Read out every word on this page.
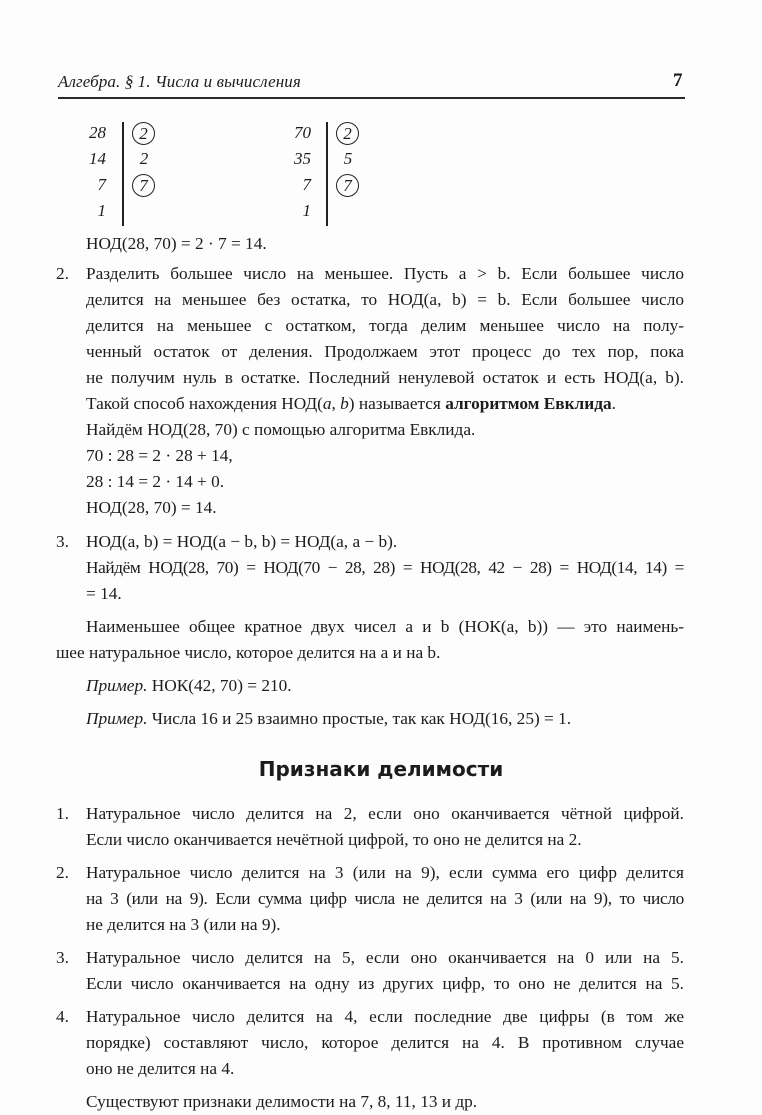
Алгебра. § 1. Числа и вычисления	7
28	2
14	2
7	7
1
70	2
35	5
7	7
1
НОД(28, 70) = 2 · 7 = 14.
2. Разделить большее число на меньшее. Пусть a > b. Если большее число
делится на меньшее без остатка, то НОД(a, b) = b. Если большее число
делится на меньшее с остатком, тогда делим меньшее число на полу-
ченный остаток от деления. Продолжаем этот процесс до тех пор, пока
не получим нуль в остатке. Последний ненулевой остаток и есть НОД(a, b).
Такой способ нахождения НОД(a, b) называется алгоритмом Евклида.
Найдём НОД(28, 70) с помощью алгоритма Евклида.
70 : 28 = 2 · 28 + 14,
28 : 14 = 2 · 14 + 0.
НОД(28, 70) = 14.
3. НОД(a, b) = НОД(a − b, b) = НОД(a, a − b).
Найдём НОД(28, 70) = НОД(70 − 28, 28) = НОД(28, 42 − 28) = НОД(14, 14) =
= 14.
Наименьшее общее кратное двух чисел a и b (НОК(a, b)) — это наимень-
шее натуральное число, которое делится на a и на b.
Пример. НОК(42, 70) = 210.
Пример. Числа 16 и 25 взаимно простые, так как НОД(16, 25) = 1.
Признаки делимости
1. Натуральное число делится на 2, если оно оканчивается чётной цифрой.
Если число оканчивается нечётной цифрой, то оно не делится на 2.
2. Натуральное число делится на 3 (или на 9), если сумма его цифр делится
на 3 (или на 9). Если сумма цифр числа не делится на 3 (или на 9), то число
не делится на 3 (или на 9).
3. Натуральное число делится на 5, если оно оканчивается на 0 или на 5.
Если число оканчивается на одну из других цифр, то оно не делится на 5.
4. Натуральное число делится на 4, если последние две цифры (в том же
порядке) составляют число, которое делится на 4. В противном случае
оно не делится на 4.
Существуют признаки делимости на 7, 8, 11, 13 и др.
